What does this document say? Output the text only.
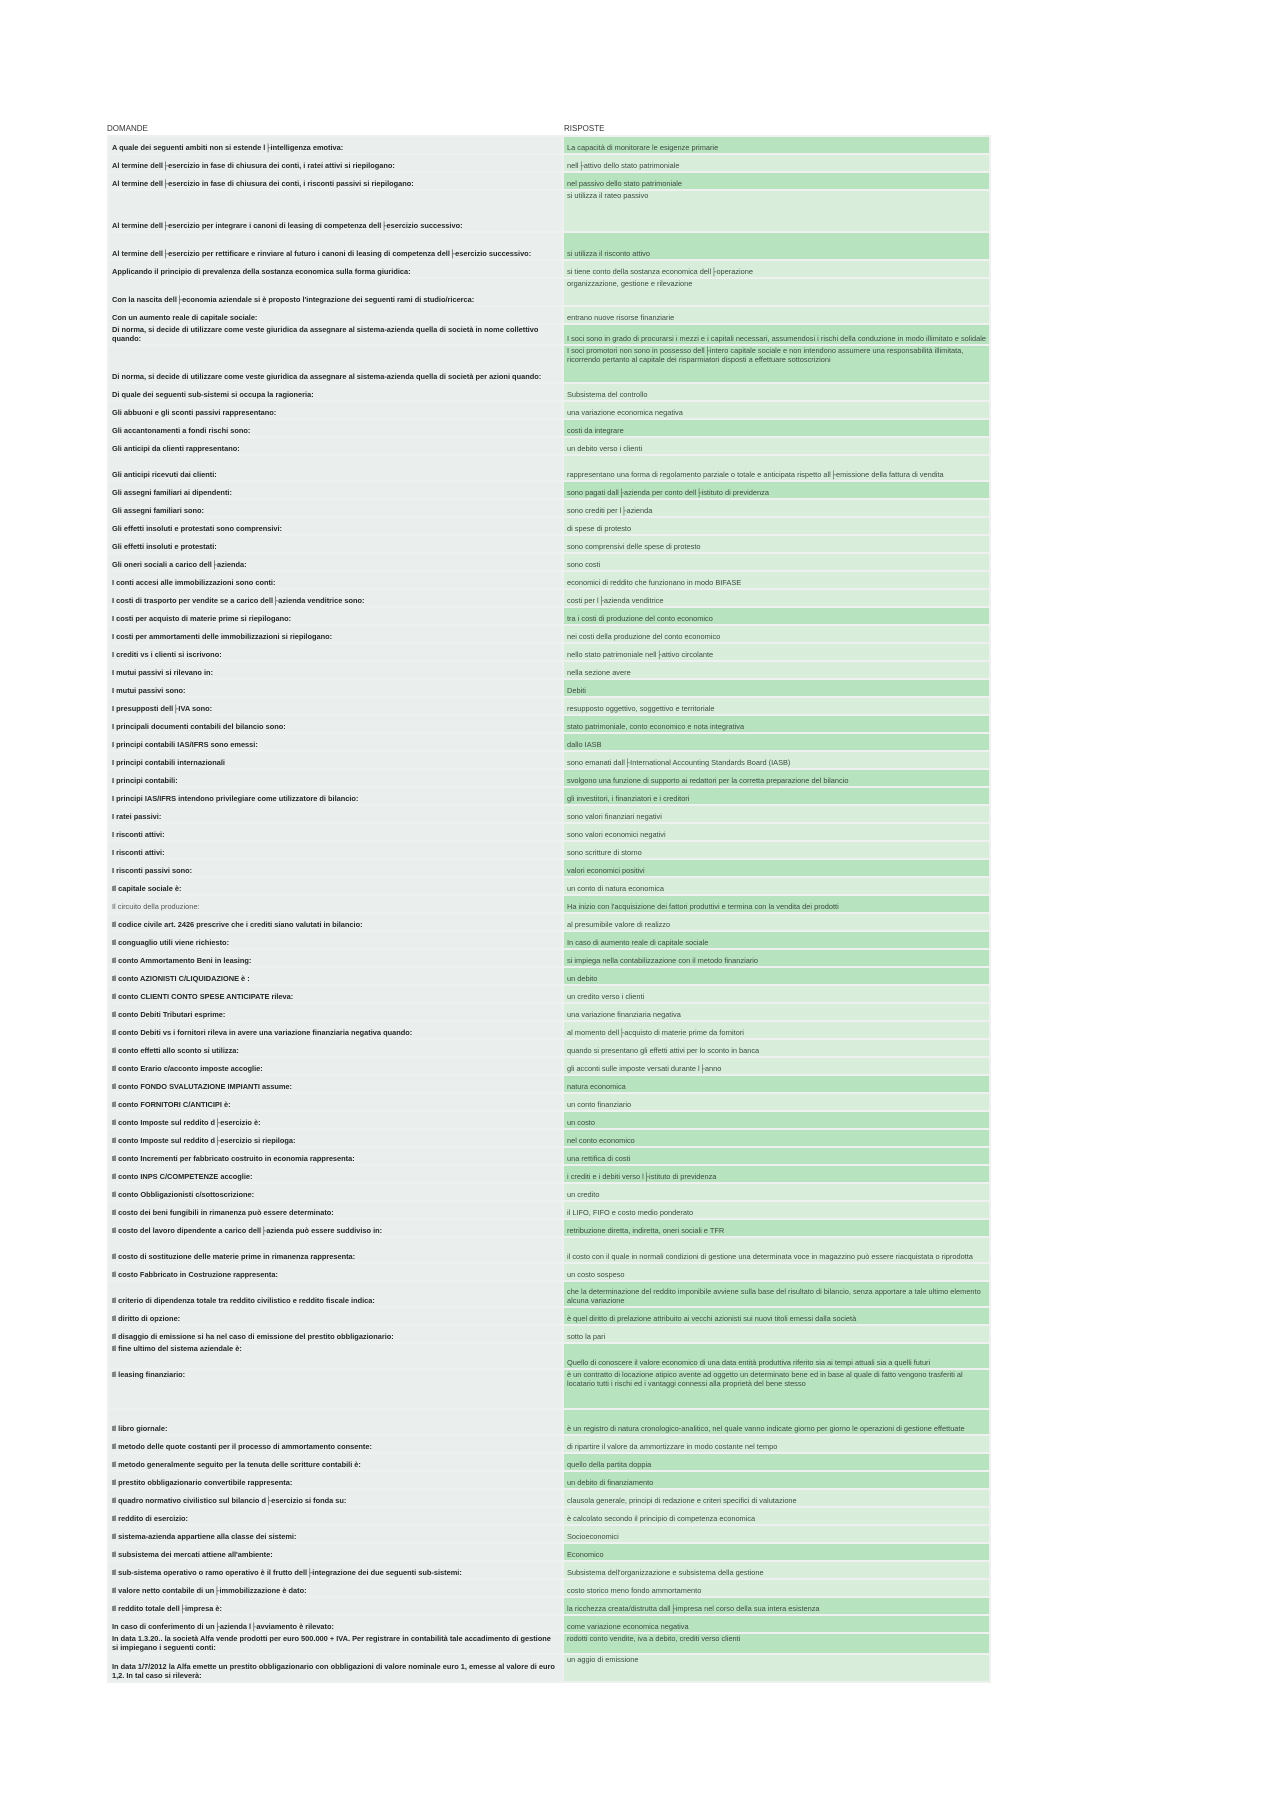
DOMANDE	RISPOSTE
A quale dei seguenti ambiti non si estende l├intelligenza emotiva:	La capacità di monitorare le esigenze primarie
Al termine dell├esercizio in fase di chiusura dei conti, i ratei attivi si riepilogano:	nell├attivo dello stato patrimoniale
Al termine dell├esercizio in fase di chiusura dei conti, i risconti passivi si riepilogano:	nel passivo dello stato patrimoniale
Al termine dell├esercizio per integrare i canoni di leasing di competenza dell├esercizio successivo:	si utilizza il rateo passivo
Al termine dell├esercizio per rettificare e rinviare al futuro i canoni di leasing di competenza dell├esercizio successivo:	si utilizza il risconto attivo
Applicando il principio di prevalenza della sostanza economica sulla forma giuridica:	si tiene conto della sostanza economica dell├operazione
Con la nascita dell├economia aziendale si è proposto l'integrazione dei seguenti rami di studio/ricerca:	organizzazione, gestione e rilevazione
Con un aumento reale di capitale sociale:	entrano nuove risorse finanziarie
Di norma, si decide di utilizzare come veste giuridica da assegnare al sistema-azienda quella di società in nome collettivo quando:	I soci sono in grado di procurarsi i mezzi e i capitali necessari, assumendosi i rischi della conduzione in modo illimitato e solidale
Di norma, si decide di utilizzare come veste giuridica da assegnare al sistema-azienda quella di società per azioni quando:	I soci promotori non sono in possesso dell├intero capitale sociale e non intendono assumere una responsabilità illimitata, ricorrendo pertanto al capitale dei risparmiatori disposti a effettuare sottoscrizioni
Di quale dei seguenti sub-sistemi si occupa la ragioneria:	Subsistema del controllo
Gli abbuoni e gli sconti passivi rappresentano:	una variazione economica negativa
Gli accantonamenti a fondi rischi sono:	costi da integrare
Gli anticipi da clienti rappresentano:	un debito verso i clienti
Gli anticipi ricevuti dai clienti:	rappresentano una forma di regolamento parziale o totale e anticipata rispetto all├emissione della fattura di vendita
Gli assegni familiari ai dipendenti:	sono pagati dall├azienda per conto dell├istituto di previdenza
Gli assegni familiari sono:	sono crediti per l├azienda
Gli effetti insoluti e protestati sono comprensivi:	di spese di protesto
Gli effetti insoluti e protestati:	sono comprensivi delle spese di protesto
Gli oneri sociali a carico dell├azienda:	sono costi
I conti accesi alle immobilizzazioni sono conti:	economici di reddito che funzionano in modo BIFASE
I costi di trasporto per vendite se a carico dell├azienda venditrice sono:	costi per l├azienda venditrice
I costi per acquisto di materie prime si riepilogano:	tra i costi di produzione del conto economico
I costi per ammortamenti delle immobilizzazioni si riepilogano:	nei costi della produzione del conto economico
I crediti vs i clienti si iscrivono:	nello stato patrimoniale nell├attivo circolante
I mutui passivi si rilevano in:	nella sezione avere
I mutui passivi sono:	Debiti
I presupposti dell├IVA sono:	resupposto oggettivo, soggettivo e territoriale
I principali documenti contabili del bilancio sono:	stato patrimoniale, conto economico e nota integrativa
I principi contabili IAS/IFRS sono emessi:	dallo IASB
I principi contabili internazionali	sono emanati dall├International Accounting Standards Board (IASB)
I principi contabili:	svolgono una funzione di supporto ai redattori per la corretta preparazione del bilancio
I principi IAS/IFRS intendono privilegiare come utilizzatore di bilancio:	gli investitori, i finanziatori e i creditori
I ratei passivi:	sono valori finanziari negativi
I risconti attivi:	sono valori economici negativi
I risconti attivi:	sono scritture di storno
I risconti passivi sono:	valori economici positivi
Il capitale sociale è:	un conto di natura economica
Il circuito della produzione:	Ha inizio con l'acquisizione dei fattori produttivi e termina con la vendita dei prodotti
Il codice civile art. 2426 prescrive che i crediti siano valutati in bilancio:	al presumibile valore di realizzo
Il conguaglio utili viene richiesto:	In caso di aumento reale di capitale sociale
Il conto Ammortamento Beni in leasing:	si impiega nella contabilizzazione con il metodo finanziario
Il conto AZIONISTI C/LIQUIDAZIONE è :	un debito
Il conto CLIENTI CONTO SPESE ANTICIPATE rileva:	un credito verso i clienti
Il conto Debiti Tributari esprime:	una variazione finanziaria negativa
Il conto Debiti vs i fornitori rileva in avere una variazione finanziaria negativa quando:	al momento dell├acquisto di materie prime da fornitori
Il conto effetti allo sconto si utilizza:	quando si presentano gli effetti attivi per lo sconto in banca
Il conto Erario c/acconto imposte accoglie:	gli acconti sulle imposte versati durante l├anno
Il conto FONDO SVALUTAZIONE IMPIANTI assume:	natura economica
Il conto FORNITORI C/ANTICIPI è:	un conto finanziario
Il conto Imposte sul reddito d├esercizio è:	un costo
Il conto Imposte sul reddito d├esercizio si riepiloga:	nel conto economico
Il conto Incrementi per fabbricato costruito in economia rappresenta:	una rettifica di costi
Il conto INPS C/COMPETENZE accoglie:	i crediti e i debiti verso l├istituto di previdenza
Il conto Obbligazionisti c/sottoscrizione:	un credito
Il costo dei beni fungibili in rimanenza può essere determinato:	il LIFO, FIFO e costo medio ponderato
Il costo del lavoro dipendente a carico dell├azienda può essere suddiviso in:	retribuzione diretta, indiretta, oneri sociali e TFR
Il costo di sostituzione delle materie prime in rimanenza rappresenta:	il costo con il quale in normali condizioni di gestione una determinata voce in magazzino può essere riacquistata o riprodotta
Il costo Fabbricato in Costruzione rappresenta:	un costo sospeso
Il criterio di dipendenza totale tra reddito civilistico e reddito fiscale indica:	che la determinazione del reddito imponibile avviene sulla base del risultato di bilancio, senza apportare a tale ultimo elemento alcuna variazione
Il diritto di opzione:	è quel diritto di prelazione attribuito ai vecchi azionisti sui nuovi titoli emessi dalla società
Il disaggio di emissione si ha nel caso di emissione del prestito obbligazionario:	sotto la pari
Il fine ultimo del sistema aziendale è:	Quello di conoscere il valore economico di una data entità produttiva riferito sia ai tempi attuali sia a quelli futuri
Il leasing finanziario:	è un contratto di locazione atipico avente ad oggetto un determinato bene ed in base al quale di fatto vengono trasferiti al locatario tutti i rischi ed i vantaggi connessi alla proprietà del bene stesso
Il libro giornale:	è un registro di natura cronologico-analitico, nel quale vanno indicate giorno per giorno le operazioni di gestione effettuate
Il metodo delle quote costanti per il processo di ammortamento consente:	di ripartire il valore da ammortizzare in modo costante nel tempo
Il metodo generalmente seguito per la tenuta delle scritture contabili è:	quello della partita doppia
Il prestito obbligazionario convertibile rappresenta:	un debito di finanziamento
Il quadro normativo civilistico sul bilancio d├esercizio si fonda su:	clausola generale, principi di redazione e criteri specifici di valutazione
Il reddito di esercizio:	è calcolato secondo il principio di competenza economica
Il sistema-azienda appartiene alla classe dei sistemi:	Socioeconomici
Il subsistema dei mercati attiene all'ambiente:	Economico
Il sub-sistema operativo o ramo operativo è il frutto dell├integrazione dei due seguenti sub-sistemi:	Subsistema dell'organizzazione e subsistema della gestione
Il valore netto contabile di un├immobilizzazione è dato:	costo storico meno fondo ammortamento
Il reddito totale dell├impresa è:	la ricchezza creata/distrutta dall├impresa nel corso della sua intera esistenza
In caso di conferimento di un├azienda l├avviamento è rilevato:	come variazione economica negativa
In data 1.3.20.. la società Alfa vende prodotti per euro 500.000 + IVA. Per registrare in contabilità tale accadimento di gestione si impiegano i seguenti conti:	rodotti conto vendite, iva a debito, crediti verso clienti
In data 1/7/2012 la Alfa emette un prestito obbligazionario con obbligazioni di valore nominale euro 1, emesse al valore di euro 1,2. In tal caso si rileverà:	un aggio di emissione
